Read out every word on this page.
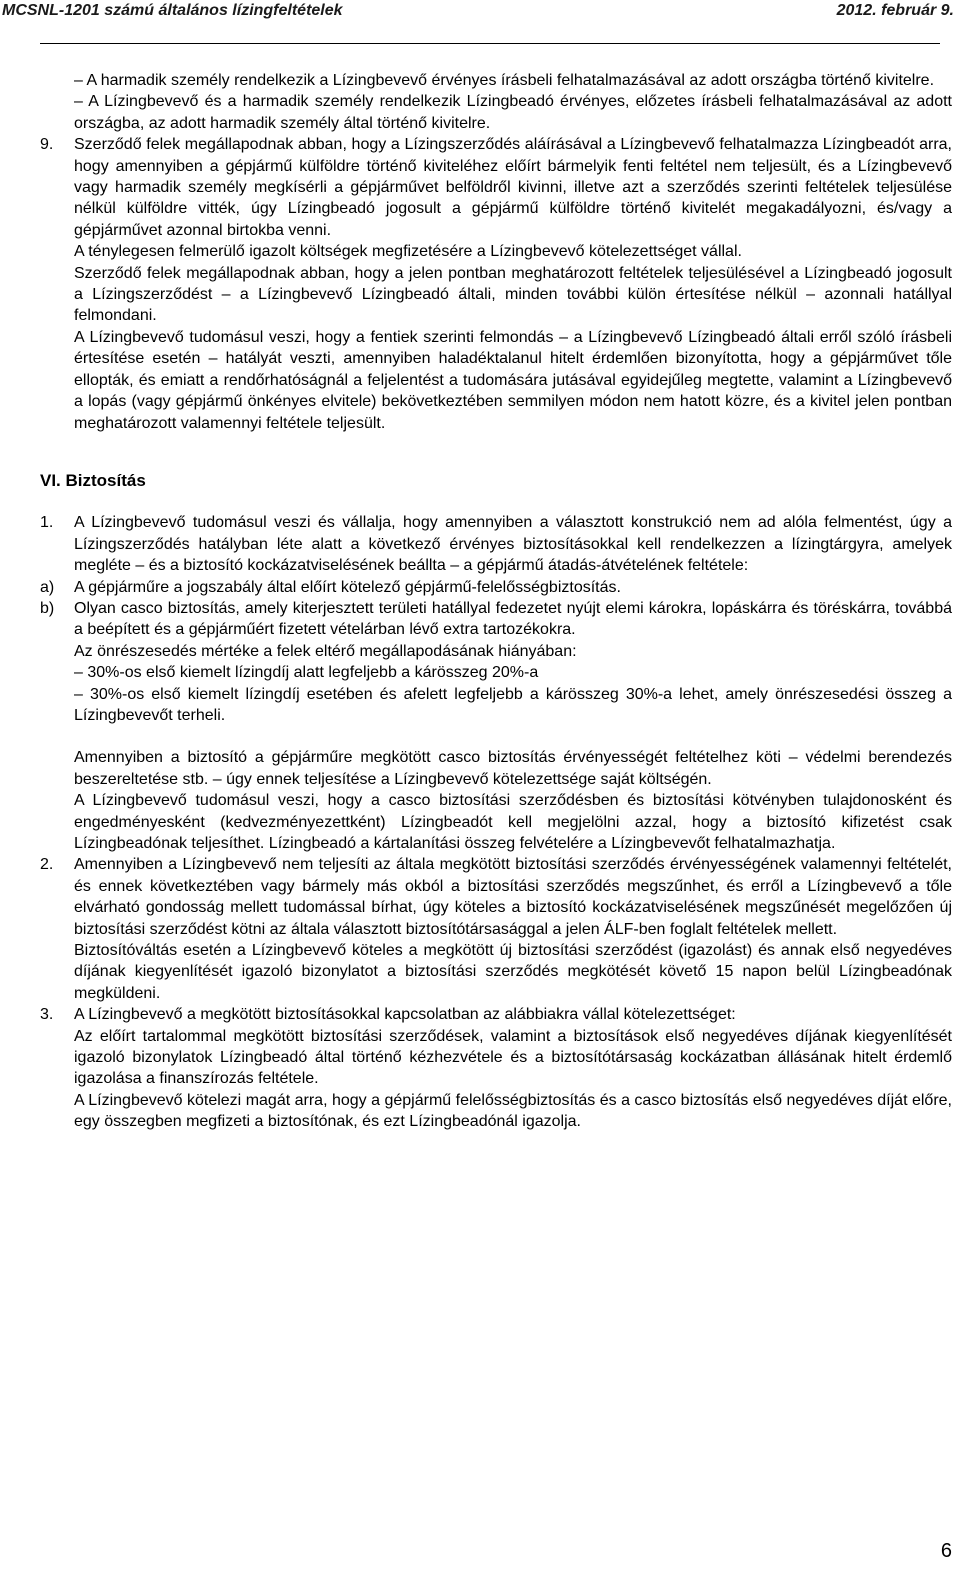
MCSNL-1201 számú általános lízingfeltételek	2012. február 9.

– A harmadik személy rendelkezik a Lízingbevevő érvényes írásbeli felhatalmazásával az adott országba történő kivitelre.

– A Lízingbevevő és a harmadik személy rendelkezik Lízingbeadó érvényes, előzetes írásbeli felhatalmazásával az adott országba, az adott harmadik személy által történő kivitelre.

9. Szerződő felek megállapodnak abban, hogy a Lízingszerződés aláírásával a Lízingbevevő felhatalmazza Lízingbeadót arra, hogy amennyiben a gépjármű külföldre történő kiviteléhez előírt bármelyik fenti feltétel nem teljesült, és a Lízingbevevő vagy harmadik személy megkísérli a gépjárművet belföldről kivinni, illetve azt a szerződés szerinti feltételek teljesülése nélkül külföldre vitték, úgy Lízingbeadó jogosult a gépjármű külföldre történő kivitelét megakadályozni, és/vagy a gépjárművet azonnal birtokba venni.

A ténylegesen felmerülő igazolt költségek megfizetésére a Lízingbevevő kötelezettséget vállal.

Szerződő felek megállapodnak abban, hogy a jelen pontban meghatározott feltételek teljesülésével a Lízingbeadó jogosult a Lízingszerződést – a Lízingbevevő Lízingbeadó általi, minden további külön értesítése nélkül – azonnali hatállyal felmondani.

A Lízingbevevő tudomásul veszi, hogy a fentiek szerinti felmondás – a Lízingbevevő Lízingbeadó általi erről szóló írásbeli értesítése esetén – hatályát veszti, amennyiben haladéktalanul hitelt érdemlően bizonyította, hogy a gépjárművet tőle ellopták, és emiatt a rendőrhatóságnál a feljelentést a tudomására jutásával egyidejűleg megtette, valamint a Lízingbevevő a lopás (vagy gépjármű önkényes elvitele) bekövetkeztében semmilyen módon nem hatott közre, és a kivitel jelen pontban meghatározott valamennyi feltétele teljesült.

VI. Biztosítás

1. A Lízingbevevő tudomásul veszi és vállalja, hogy amennyiben a választott konstrukció nem ad alóla felmentést, úgy a Lízingszerződés hatályban léte alatt a következő érvényes biztosításokkal kell rendelkezzen a lízingtárgyra, amelyek megléte – és a biztosító kockázatviselésének beállta – a gépjármű átadás-átvételének feltétele:

a) A gépjárműre a jogszabály által előírt kötelező gépjármű-felelősségbiztosítás.

b) Olyan casco biztosítás, amely kiterjesztett területi hatállyal fedezetet nyújt elemi károkra, lopáskárra és töréskárra, továbbá a beépített és a gépjárműért fizetett vételárban lévő extra tartozékokra.

Az önrészesedés mértéke a felek eltérő megállapodásának hiányában:

– 30%-os első kiemelt lízingdíj alatt legfeljebb a kárösszeg 20%-a

– 30%-os első kiemelt lízingdíj esetében és afelett legfeljebb a kárösszeg 30%-a lehet, amely önrészesedési összeg a Lízingbevevőt terheli.

Amennyiben a biztosító a gépjárműre megkötött casco biztosítás érvényességét feltételhez köti – védelmi berendezés beszereltetése stb. – úgy ennek teljesítése a Lízingbevevő kötelezettsége saját költségén.

A Lízingbevevő tudomásul veszi, hogy a casco biztosítási szerződésben és biztosítási kötvényben tulajdonosként és engedményesként (kedvezményezettként) Lízingbeadót kell megjelölni azzal, hogy a biztosító kifizetést csak Lízingbeadónak teljesíthet. Lízingbeadó a kártalanítási összeg felvételére a Lízingbevevőt felhatalmazhatja.

2. Amennyiben a Lízingbevevő nem teljesíti az általa megkötött biztosítási szerződés érvényességének valamennyi feltételét, és ennek következtében vagy bármely más okból a biztosítási szerződés megszűnhet, és erről a Lízingbevevő a tőle elvárható gondosság mellett tudomással bírhat, úgy köteles a biztosító kockázatviselésének megszűnését megelőzően új biztosítási szerződést kötni az általa választott biztosítótársasággal a jelen ÁLF-ben foglalt feltételek mellett.

Biztosítóváltás esetén a Lízingbevevő köteles a megkötött új biztosítási szerződést (igazolást) és annak első negyedéves díjának kiegyenlítését igazoló bizonylatot a biztosítási szerződés megkötését követő 15 napon belül Lízingbeadónak megküldeni.

3. A Lízingbevevő a megkötött biztosításokkal kapcsolatban az alábbiakra vállal kötelezettséget:

Az előírt tartalommal megkötött biztosítási szerződések, valamint a biztosítások első negyedéves díjának kiegyenlítését igazoló bizonylatok Lízingbeadó által történő kézhezvétele és a biztosítótársaság kockázatban állásának hitelt érdemlő igazolása a finanszírozás feltétele.

A Lízingbevevő kötelezi magát arra, hogy a gépjármű felelősségbiztosítás és a casco biztosítás első negyedéves díját előre, egy összegben megfizeti a biztosítónak, és ezt Lízingbeadónál igazolja.

6
